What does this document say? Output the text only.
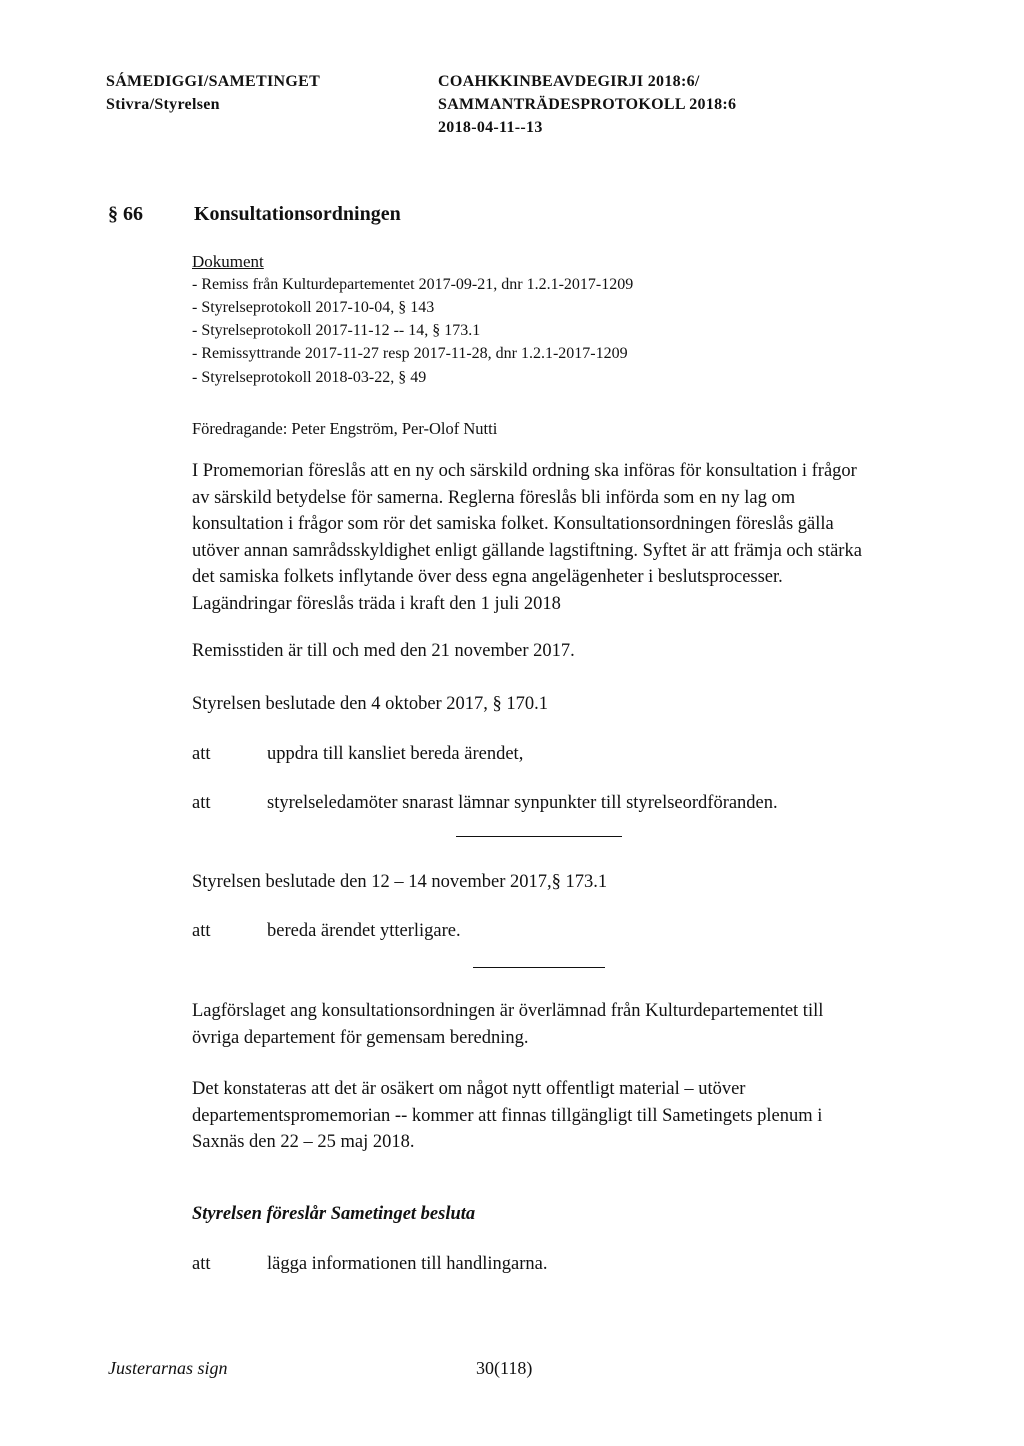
SÁMEDIGGI/SAMETINGET
Stivra/Styrelsen
COAHKKINBEAVDEGIRJI 2018:6/
SAMMANTRÄDESPROTOKOLL 2018:6
2018-04-11--13
§ 66	Konsultationsordningen
Dokument
- Remiss från Kulturdepartementet 2017-09-21, dnr 1.2.1-2017-1209
- Styrelseprotokoll 2017-10-04, § 143
- Styrelseprotokoll 2017-11-12 -- 14, § 173.1
- Remissyttrande 2017-11-27 resp 2017-11-28, dnr 1.2.1-2017-1209
- Styrelseprotokoll 2018-03-22, § 49
Föredragande: Peter Engström, Per-Olof Nutti
I Promemorian föreslås att en ny och särskild ordning ska införas för konsultation i frågor
av särskild betydelse för samerna. Reglerna föreslås bli införda som en ny lag om
konsultation i frågor som rör det samiska folket. Konsultationsordningen föreslås gälla
utöver annan samrådsskyldighet enligt gällande lagstiftning. Syftet är att främja och stärka
det samiska folkets inflytande över dess egna angelägenheter i beslutsprocesser.
Lagändringar föreslås träda i kraft den 1 juli 2018
Remisstiden är till och med den 21 november 2017.
Styrelsen beslutade den 4 oktober 2017, § 170.1
att	uppdra till kansliet bereda ärendet,
att	styrelseledamöter snarast lämnar synpunkter till styrelseordföranden.
Styrelsen beslutade den 12 – 14 november 2017,§ 173.1
att	bereda ärendet ytterligare.
Lagförslaget ang konsultationsordningen är överlämnad från Kulturdepartementet till
övriga departement för gemensam beredning.
Det konstateras att det är osäkert om något nytt offentligt material – utöver
departementspromemorian -- kommer att finnas tillgängligt till Sametingets plenum i
Saxnäs den 22 – 25 maj 2018.
Styrelsen föreslår Sametinget besluta
att	lägga informationen till handlingarna.
Justerarnas sign	30(118)
